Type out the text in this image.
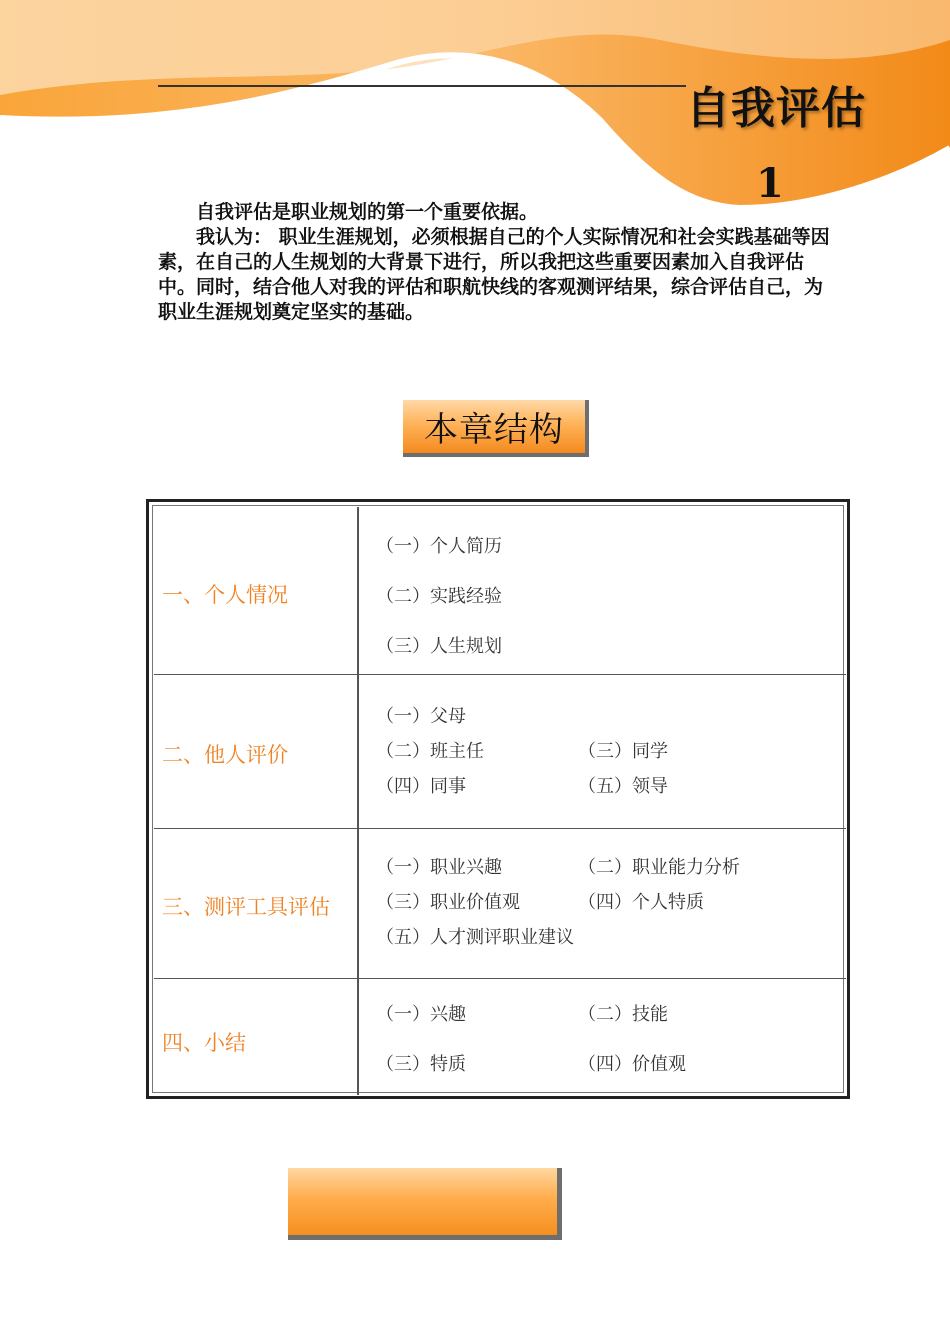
自我评估
1

自我评估是职业规划的第一个重要依据。

我认为： 职业生涯规划，必须根据自己的个人实际情况和社会实践基础等因素，在自己的人生规划的大背景下进行，所以我把这些重要因素加入自我评估中。同时，结合他人对我的评估和职航快线的客观测评结果，综合评估自己，为职业生涯规划奠定坚实的基础。

本章结构
一、个人情况
（一）个人简历
（二）实践经验
（三）人生规划
二、他人评价
（一）父母
（二）班主任	（三）同学
（四）同事	（五）领导
三、测评工具评估
（一）职业兴趣	（二）职业能力分析
（三）职业价值观	（四）个人特质
（五）人才测评职业建议
四、小结
（一）兴趣	（二）技能
（三）特质	（四）价值观
